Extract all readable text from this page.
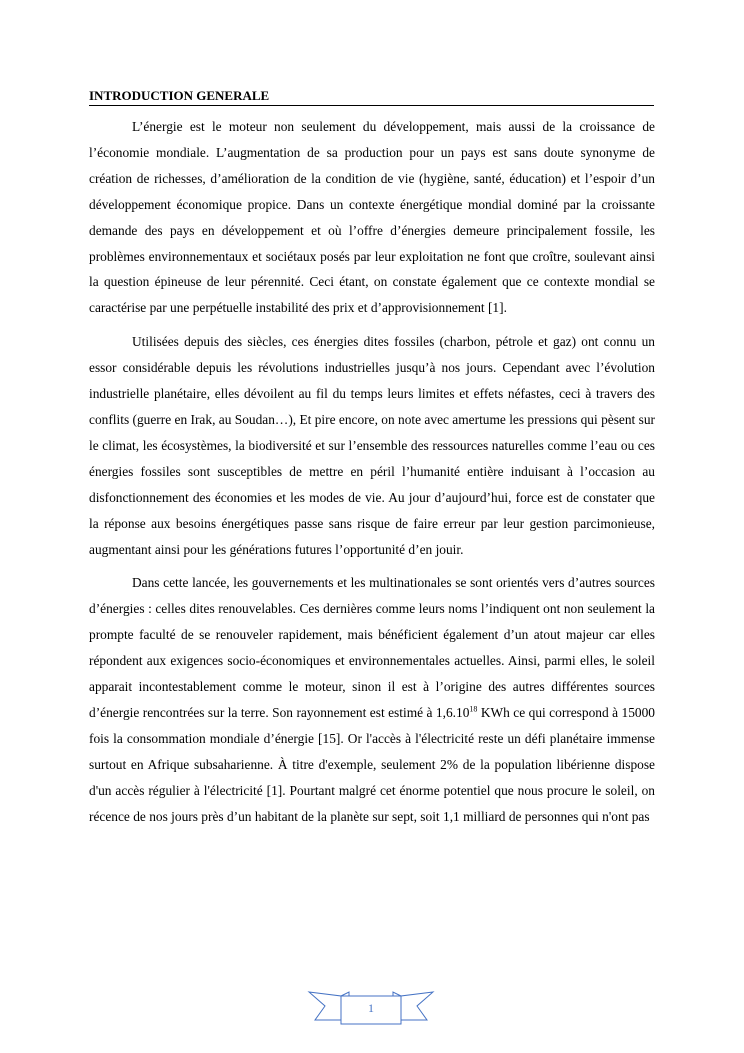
INTRODUCTION GENERALE

L’énergie est le moteur non seulement du développement, mais aussi de la croissance de l’économie mondiale. L’augmentation de sa production pour un pays est sans doute synonyme de création de richesses, d’amélioration de la condition de vie (hygiène, santé, éducation) et l’espoir d’un développement économique propice. Dans un contexte énergétique mondial dominé par la croissante demande des pays en développement et où l’offre d’énergies demeure principalement fossile, les problèmes environnementaux et sociétaux posés par leur exploitation ne font que croître, soulevant ainsi la question épineuse de leur pérennité. Ceci étant, on constate également que ce contexte mondial se caractérise par une perpétuelle instabilité des prix et d’approvisionnement [1].

Utilisées depuis des siècles, ces énergies dites fossiles (charbon, pétrole et gaz) ont connu un essor considérable depuis les révolutions industrielles jusqu’à nos jours. Cependant avec l’évolution industrielle planétaire, elles dévoilent au fil du temps leurs limites et effets néfastes, ceci à travers des conflits (guerre en Irak, au Soudan…), Et pire encore, on note avec amertume les pressions qui pèsent sur le climat, les écosystèmes, la biodiversité et sur l’ensemble des ressources naturelles comme l’eau ou ces énergies fossiles sont susceptibles de mettre en péril l’humanité entière induisant à l’occasion au disfonctionnement des économies et les modes de vie. Au jour d’aujourd’hui, force est de constater que la réponse aux besoins énergétiques passe sans risque de faire erreur par leur gestion parcimonieuse, augmentant ainsi pour les générations futures l’opportunité d’en jouir.

Dans cette lancée, les gouvernements et les multinationales se sont orientés vers d’autres sources d’énergies : celles dites renouvelables. Ces dernières comme leurs noms l’indiquent ont non seulement la prompte faculté de se renouveler rapidement, mais bénéficient également d’un atout majeur car elles répondent aux exigences socio-économiques et environnementales actuelles. Ainsi, parmi elles, le soleil apparait incontestablement comme le moteur, sinon il est à l’origine des autres différentes sources d’énergie rencontrées sur la terre. Son rayonnement est estimé à 1,6.10$^{18}$ KWh ce qui correspond à 15000 fois la consommation mondiale d’énergie [15]. Or l'accès à l'électricité reste un défi planétaire immense surtout en Afrique subsaharienne. À titre d'exemple, seulement 2% de la population libérienne dispose d'un accès régulier à l'électricité [1]. Pourtant malgré cet énorme potentiel que nous procure le soleil, on récence de nos jours près d’un habitant de la planète sur sept, soit 1,1 milliard de personnes qui n'ont pas

1
